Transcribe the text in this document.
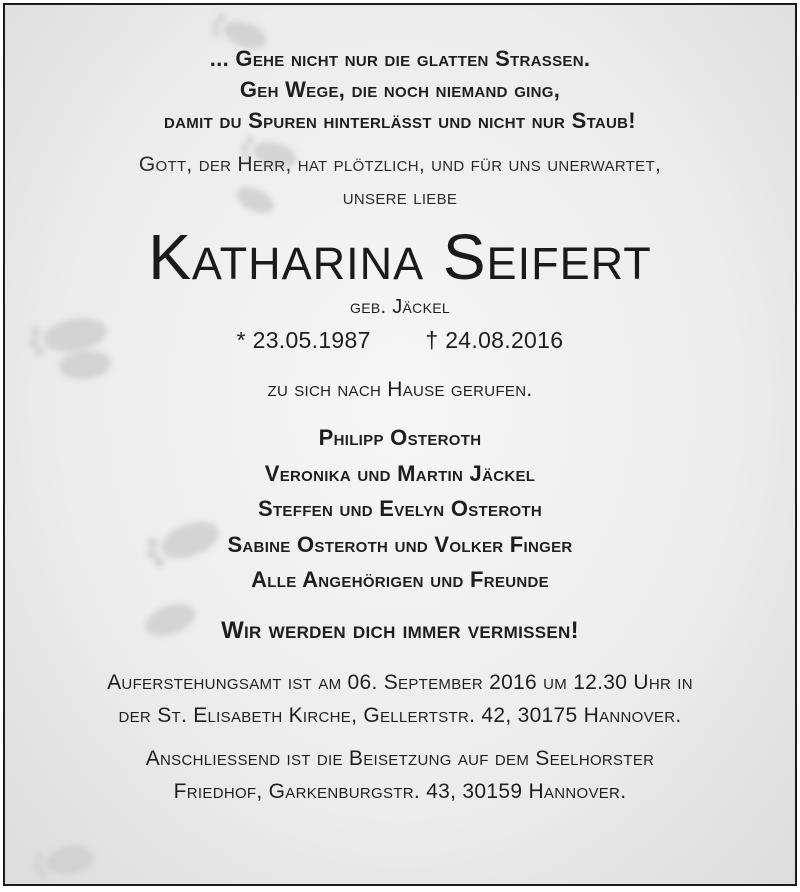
... Gehe nicht nur die glatten Strassen.
Geh Wege, die noch niemand ging,
damit du Spuren hinterlässt und nicht nur Staub!
Gott, der Herr, hat plötzlich, und für uns unerwartet,
unsere liebe
Katharina Seifert
geb. Jäckel
* 23.05.1987 † 24.08.2016
zu sich nach Hause gerufen.
Philipp Osteroth
Veronika und Martin Jäckel
Steffen und Evelyn Osteroth
Sabine Osteroth und Volker Finger
Alle Angehörigen und Freunde
Wir werden dich immer vermissen!
Auferstehungsamt ist am 06. September 2016 um 12.30 Uhr in
der St. Elisabeth Kirche, Gellertstr. 42, 30175 Hannover.
Anschliessend ist die Beisetzung auf dem Seelhorster
Friedhof, Garkenburgstr. 43, 30159 Hannover.
